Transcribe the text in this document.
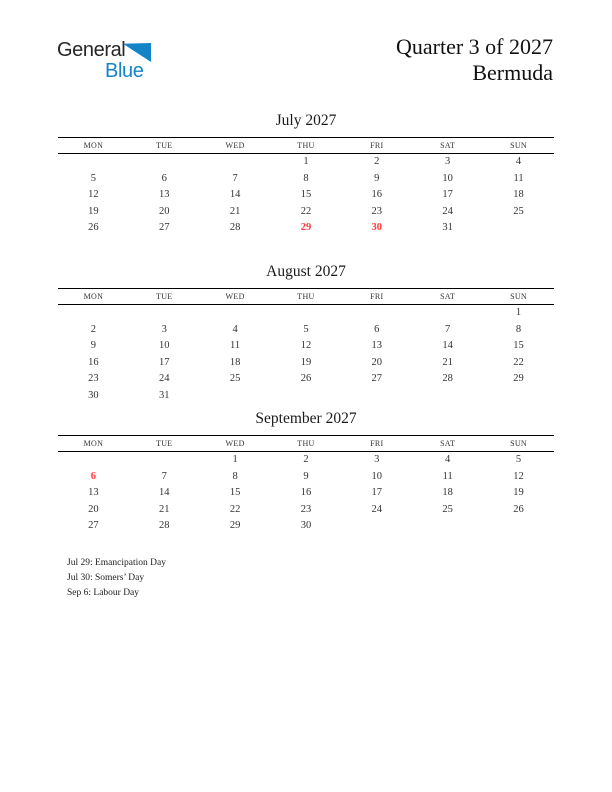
General
Blue
Quarter 3 of 2027
Bermuda
July 2027
MON	TUE	WED	THU	FRI	SAT	SUN
			1	2	3	4
5	6	7	8	9	10	11
12	13	14	15	16	17	18
19	20	21	22	23	24	25
26	27	28	29	30	31	
August 2027
MON	TUE	WED	THU	FRI	SAT	SUN
						1
2	3	4	5	6	7	8
9	10	11	12	13	14	15
16	17	18	19	20	21	22
23	24	25	26	27	28	29
30	31					
September 2027
MON	TUE	WED	THU	FRI	SAT	SUN
		1	2	3	4	5
6	7	8	9	10	11	12
13	14	15	16	17	18	19
20	21	22	23	24	25	26
27	28	29	30			
Jul 29: Emancipation Day
Jul 30: Somers’ Day
Sep 6: Labour Day
